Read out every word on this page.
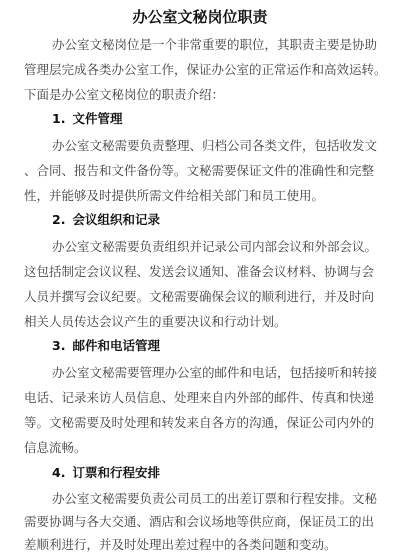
办公室文秘岗位职责

办公室文秘岗位是一个非常重要的职位，其职责主要是协助

管理层完成各类办公室工作，保证办公室的正常运作和高效运转。

下面是办公室文秘岗位的职责介绍：

1. 文件管理

办公室文秘需要负责整理、归档公司各类文件，包括收发文

、合同、报告和文件备份等。文秘需要保证文件的准确性和完整

性，并能够及时提供所需文件给相关部门和员工使用。

2. 会议组织和记录

办公室文秘需要负责组织并记录公司内部会议和外部会议。

这包括制定会议议程、发送会议通知、准备会议材料、协调与会

人员并撰写会议纪要。文秘需要确保会议的顺利进行，并及时向

相关人员传达会议产生的重要决议和行动计划。

3. 邮件和电话管理

办公室文秘需要管理办公室的邮件和电话，包括接听和转接

电话、记录来访人员信息、处理来自内外部的邮件、传真和快递

等。文秘需要及时处理和转发来自各方的沟通，保证公司内外的

信息流畅。

4. 订票和行程安排

办公室文秘需要负责公司员工的出差订票和行程安排。文秘

需要协调与各大交通、酒店和会议场地等供应商，保证员工的出

差顺利进行，并及时处理出差过程中的各类问题和变动。
